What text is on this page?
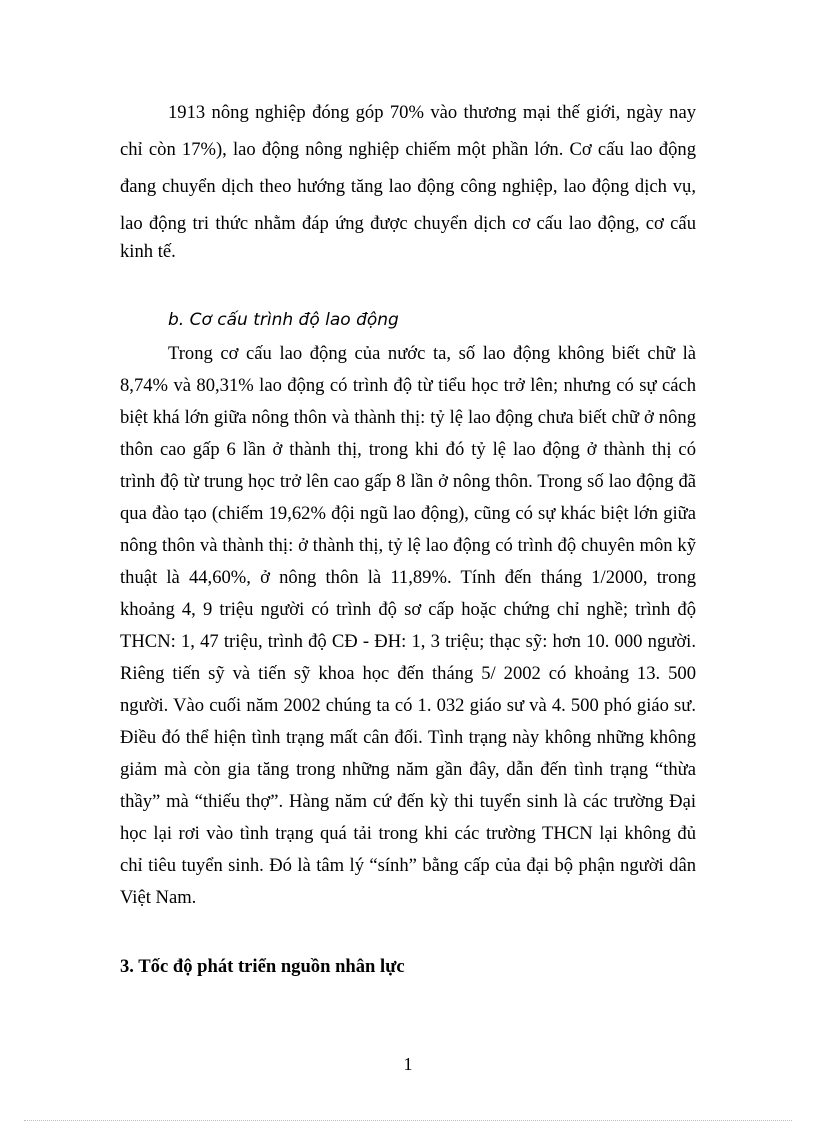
1913 nông nghiệp đóng góp 70% vào thương mại thế giới, ngày nay
chỉ còn 17%), lao động nông nghiệp chiếm một phần lớn. Cơ cấu lao động
đang chuyển dịch theo hướng tăng lao động công nghiệp, lao động dịch vụ,
lao động tri thức nhằm đáp ứng được chuyển dịch cơ cấu lao động, cơ cấu
kinh tế.
b. Cơ cấu trình độ lao động
Trong cơ cấu lao động của nước ta, số lao động không biết chữ là
8,74% và 80,31% lao động có trình độ từ tiểu học trở lên; nhưng có sự cách
biệt khá lớn giữa nông thôn và thành thị: tỷ lệ lao động chưa biết chữ ở nông
thôn cao gấp 6 lần ở thành thị, trong khi đó tỷ lệ lao động ở thành thị có
trình độ từ trung học trở lên cao gấp 8 lần ở nông thôn. Trong số lao động đã
qua đào tạo (chiếm 19,62% đội ngũ lao động), cũng có sự khác biệt lớn giữa
nông thôn và thành thị: ở thành thị, tỷ lệ lao động có trình độ chuyên môn kỹ
thuật là 44,60%, ở nông thôn là 11,89%. Tính đến tháng 1/2000, trong
khoảng 4, 9 triệu người có trình độ sơ cấp hoặc chứng chỉ nghề; trình độ
THCN: 1, 47 triệu, trình độ CĐ - ĐH: 1, 3 triệu; thạc sỹ: hơn 10. 000 người.
Riêng tiến sỹ và tiến sỹ khoa học đến tháng 5/ 2002 có khoảng 13. 500
người. Vào cuối năm 2002 chúng ta có 1. 032 giáo sư và 4. 500 phó giáo sư.
Điều đó thể hiện tình trạng mất cân đối. Tình trạng này không những không
giảm mà còn gia tăng trong những năm gần đây, dẫn đến tình trạng “thừa
thầy” mà “thiếu thợ”. Hàng năm cứ đến kỳ thi tuyển sinh là các trường Đại
học lại rơi vào tình trạng quá tải trong khi các trường THCN lại không đủ
chỉ tiêu tuyển sinh. Đó là tâm lý “sính” bằng cấp của đại bộ phận người dân
Việt Nam.
3. Tốc độ phát triển nguồn nhân lực
1
